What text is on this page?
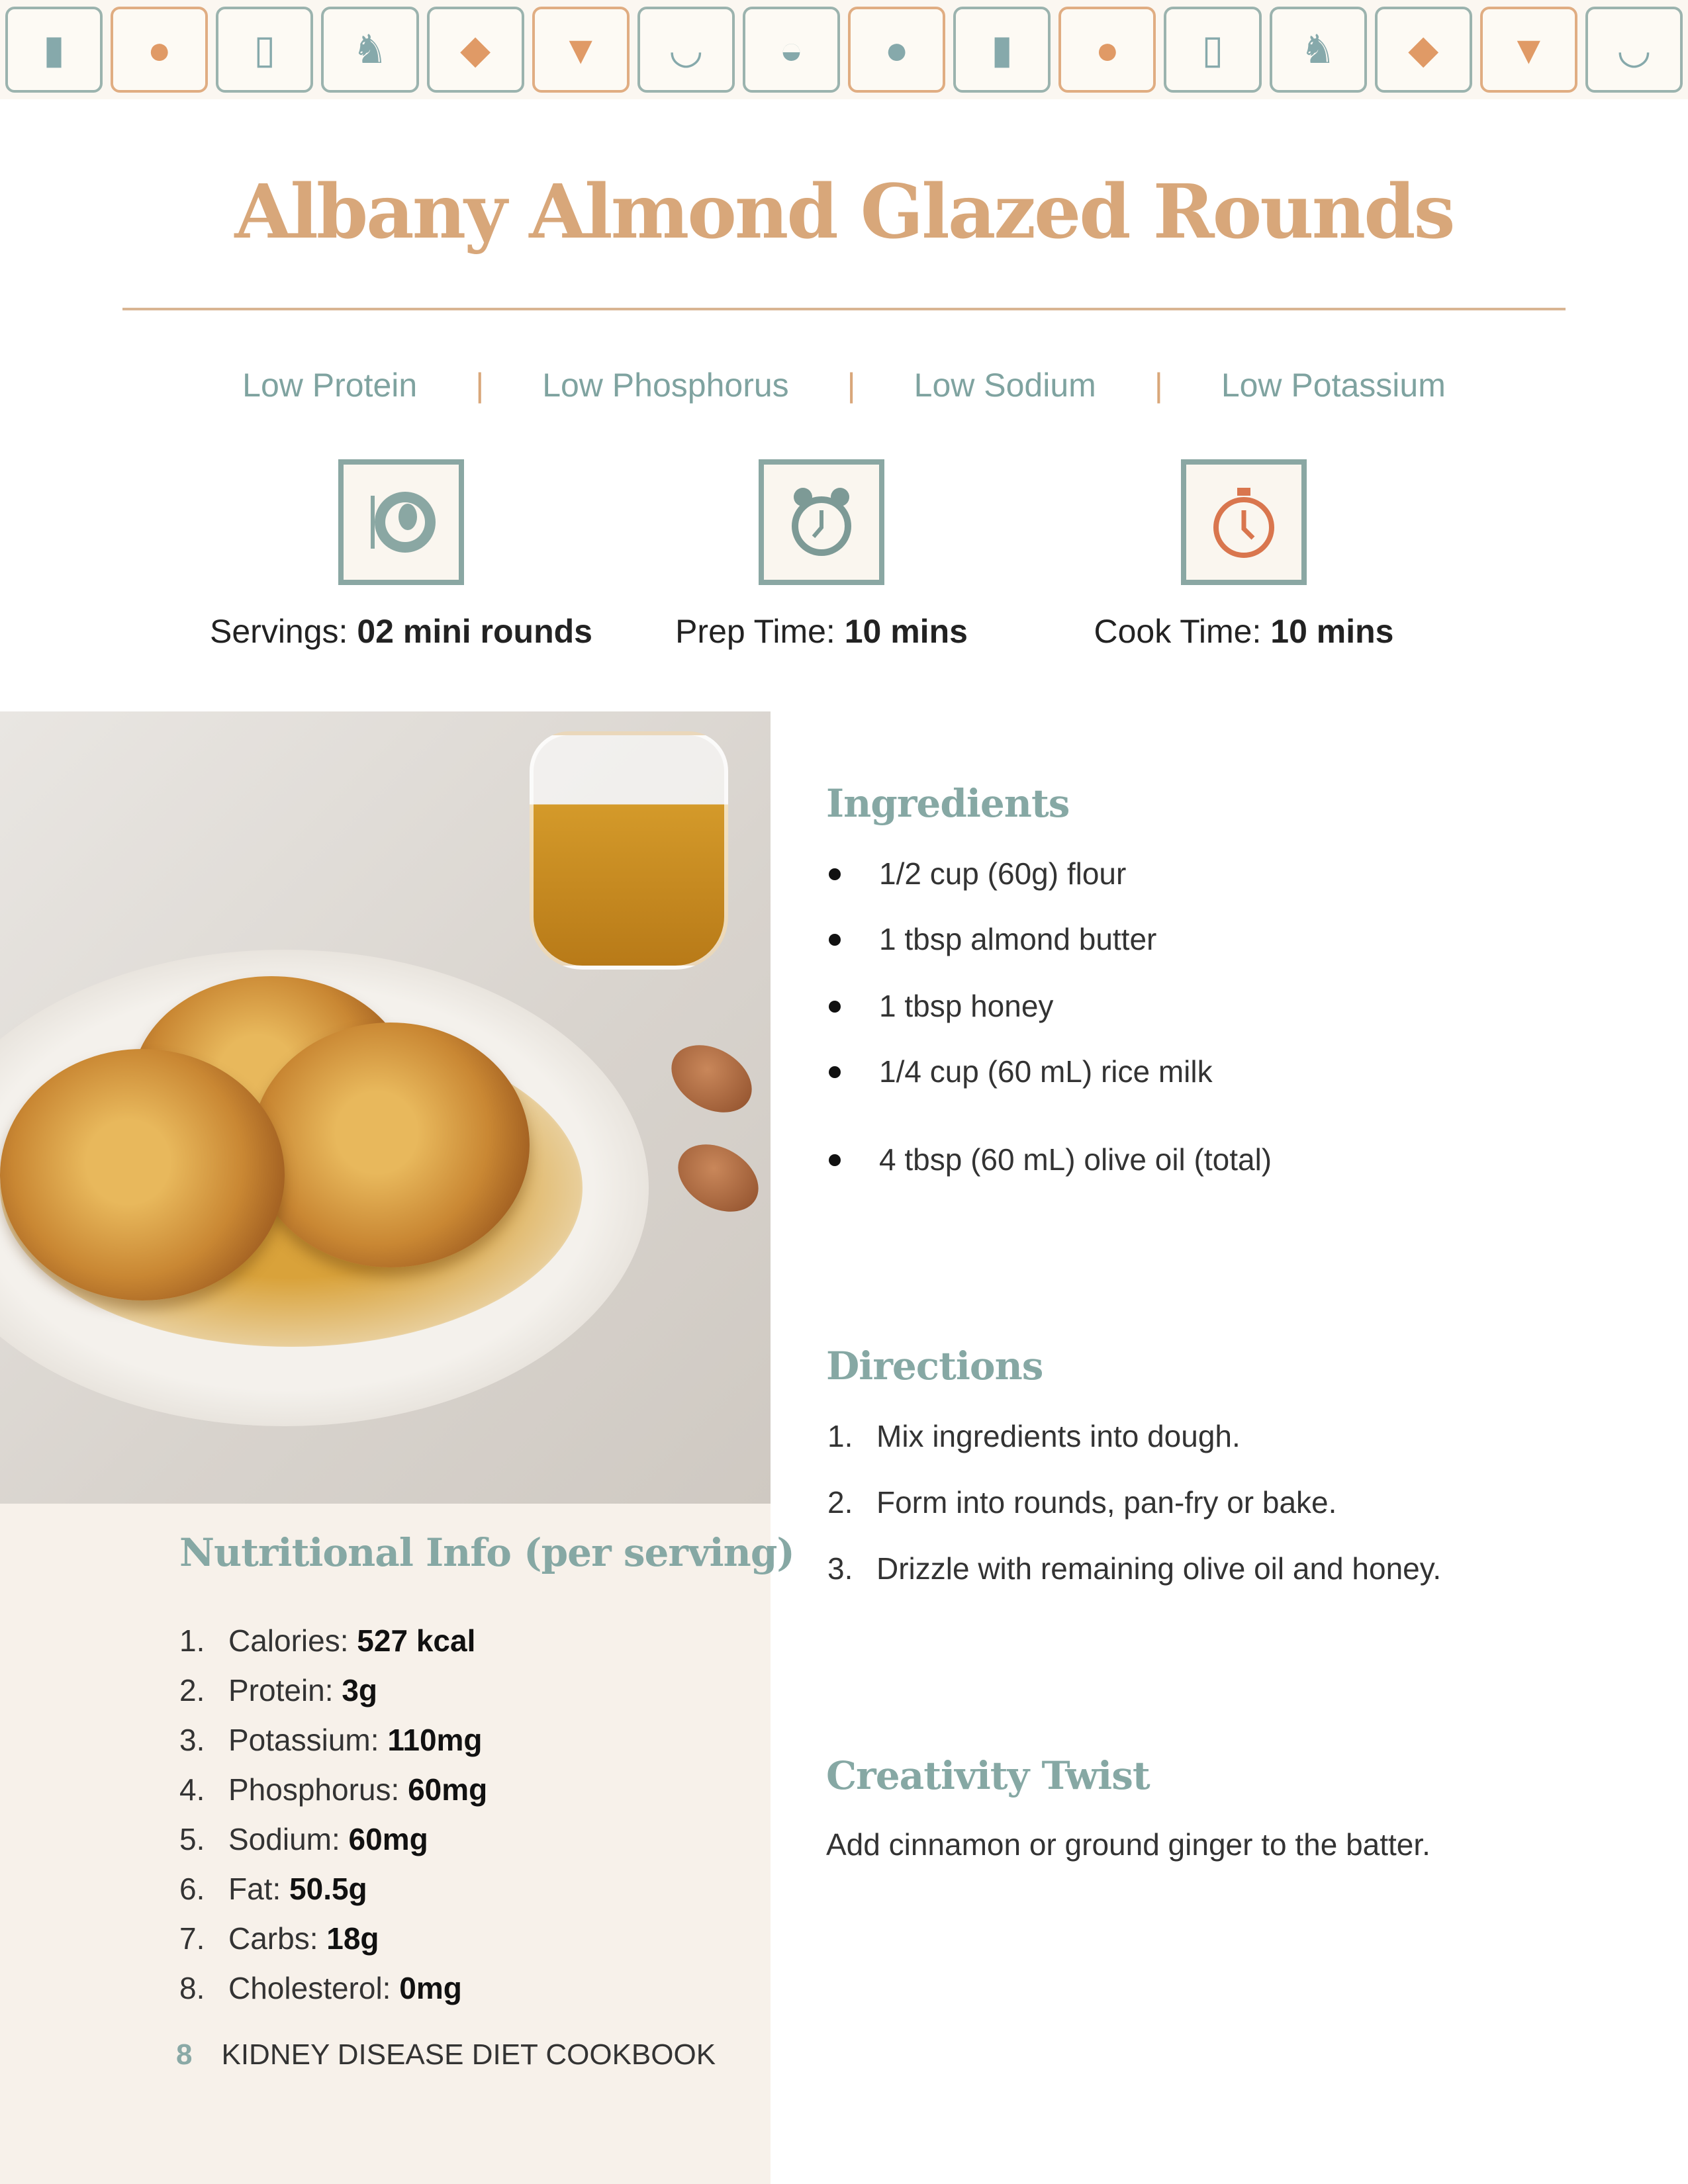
▮	●	▯	♞	◆	▼	◡	◒	●	▮	●	▯	♞	◆	▼	◡
Albany Almond Glazed Rounds
Low Protein | Low Phosphorus | Low Sodium | Low Potassium
Servings: 02 mini rounds	Prep Time: 10 mins	Cook Time: 10 mins
Nutritional Info (per serving)
1. Calories: 527 kcal
2. Protein: 3g
3. Potassium: 110mg
4. Phosphorus: 60mg
5. Sodium: 60mg
6. Fat: 50.5g
7. Carbs: 18g
8. Cholesterol: 0mg
8 KIDNEY DISEASE DIET COOKBOOK
Ingredients
1/2 cup (60g) flour
1 tbsp almond butter
1 tbsp honey
1/4 cup (60 mL) rice milk
4 tbsp (60 mL) olive oil (total)
Directions
1. Mix ingredients into dough.
2. Form into rounds, pan-fry or bake.
3. Drizzle with remaining olive oil and honey.
Creativity Twist
Add cinnamon or ground ginger to the batter.
